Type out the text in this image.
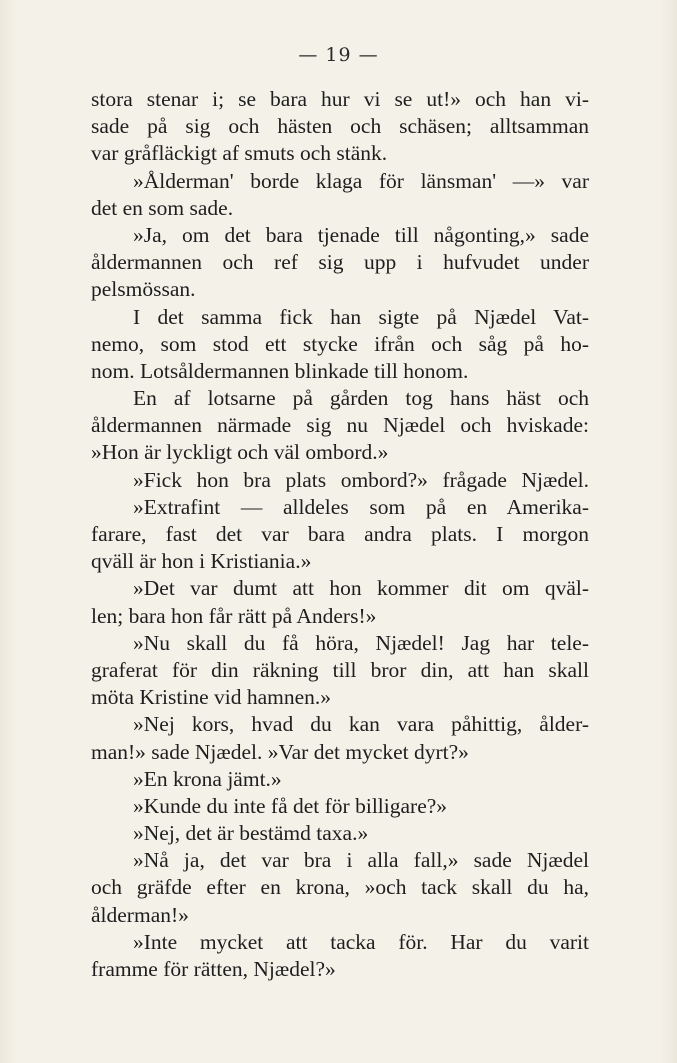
— 19 —
stora stenar i; se bara hur vi se ut!» och han vi-
sade på sig och hästen och schäsen; alltsamman
var gråfläckigt af smuts och stänk.
»Ålderman' borde klaga för länsman' —» var
det en som sade.
»Ja, om det bara tjenade till någonting,» sade
åldermannen och ref sig upp i hufvudet under
pelsmössan.
I det samma fick han sigte på Njædel Vat-
nemo, som stod ett stycke ifrån och såg på ho-
nom. Lotsåldermannen blinkade till honom.
En af lotsarne på gården tog hans häst och
åldermannen närmade sig nu Njædel och hviskade:
»Hon är lyckligt och väl ombord.»
»Fick hon bra plats ombord?» frågade Njædel.
»Extrafint — alldeles som på en Amerika-
farare, fast det var bara andra plats. I morgon
qväll är hon i Kristiania.»
»Det var dumt att hon kommer dit om qväl-
len; bara hon får rätt på Anders!»
»Nu skall du få höra, Njædel! Jag har tele-
graferat för din räkning till bror din, att han skall
möta Kristine vid hamnen.»
»Nej kors, hvad du kan vara påhittig, ålder-
man!» sade Njædel. »Var det mycket dyrt?»
»En krona jämt.»
»Kunde du inte få det för billigare?»
»Nej, det är bestämd taxa.»
»Nå ja, det var bra i alla fall,» sade Njædel
och gräfde efter en krona, »och tack skall du ha,
ålderman!»
»Inte mycket att tacka för. Har du varit
framme för rätten, Njædel?»
